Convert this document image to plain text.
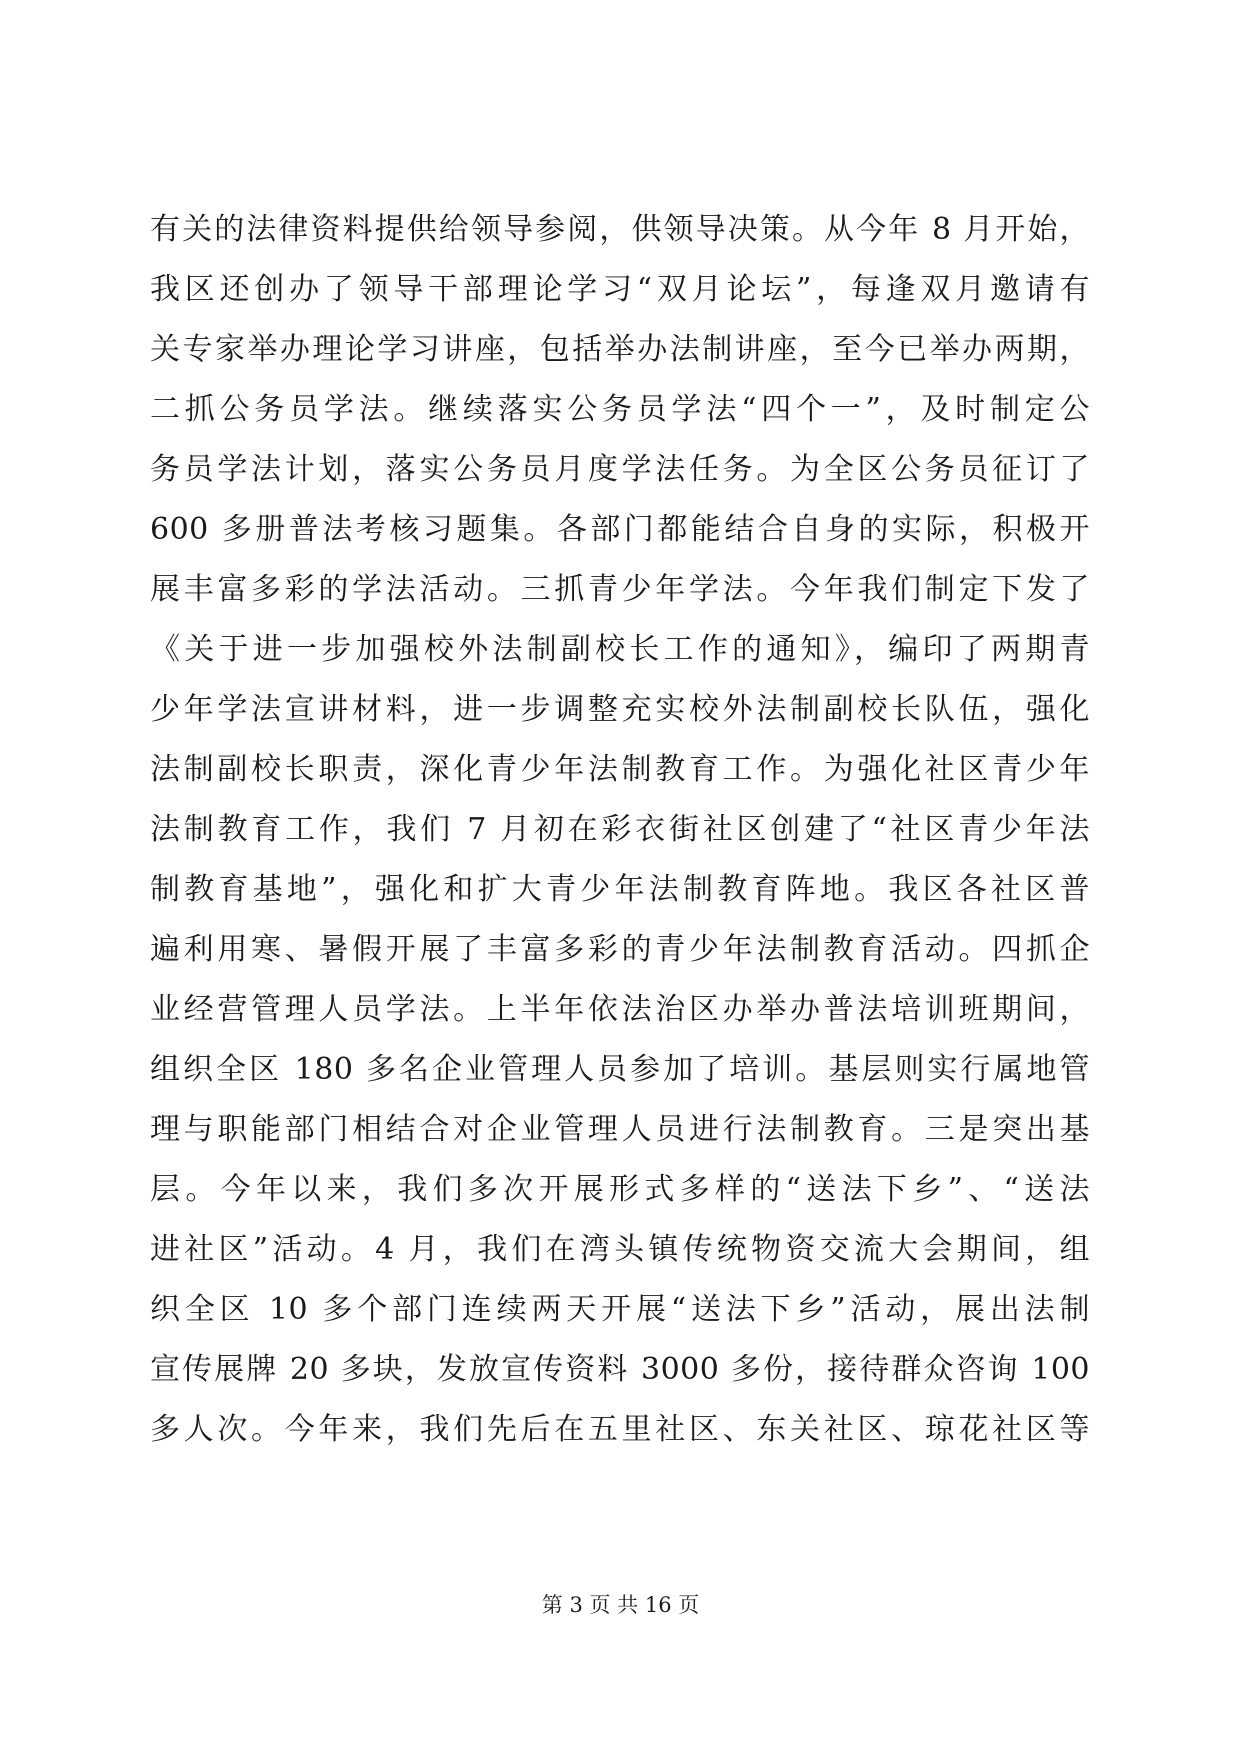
有关的法律资料提供给领导参阅，供领导决策。从今年 8 月开始，
我区还创办了领导干部理论学习“双月论坛”，每逢双月邀请有
关专家举办理论学习讲座，包括举办法制讲座，至今已举办两期，
二抓公务员学法。继续落实公务员学法“四个一”，及时制定公
务员学法计划，落实公务员月度学法任务。为全区公务员征订了
600 多册普法考核习题集。各部门都能结合自身的实际，积极开
展丰富多彩的学法活动。三抓青少年学法。今年我们制定下发了
《关于进一步加强校外法制副校长工作的通知》，编印了两期青
少年学法宣讲材料，进一步调整充实校外法制副校长队伍，强化
法制副校长职责，深化青少年法制教育工作。为强化社区青少年
法制教育工作，我们 7 月初在彩衣街社区创建了“社区青少年法
制教育基地”，强化和扩大青少年法制教育阵地。我区各社区普
遍利用寒、暑假开展了丰富多彩的青少年法制教育活动。四抓企
业经营管理人员学法。上半年依法治区办举办普法培训班期间，
组织全区 180 多名企业管理人员参加了培训。基层则实行属地管
理与职能部门相结合对企业管理人员进行法制教育。三是突出基
层。今年以来，我们多次开展形式多样的“送法下乡”、“送法
进社区”活动。4 月，我们在湾头镇传统物资交流大会期间，组
织全区 10 多个部门连续两天开展“送法下乡”活动，展出法制
宣传展牌 20 多块，发放宣传资料 3000 多份，接待群众咨询 100
多人次。今年来，我们先后在五里社区、东关社区、琼花社区等
第 3 页 共 16 页
